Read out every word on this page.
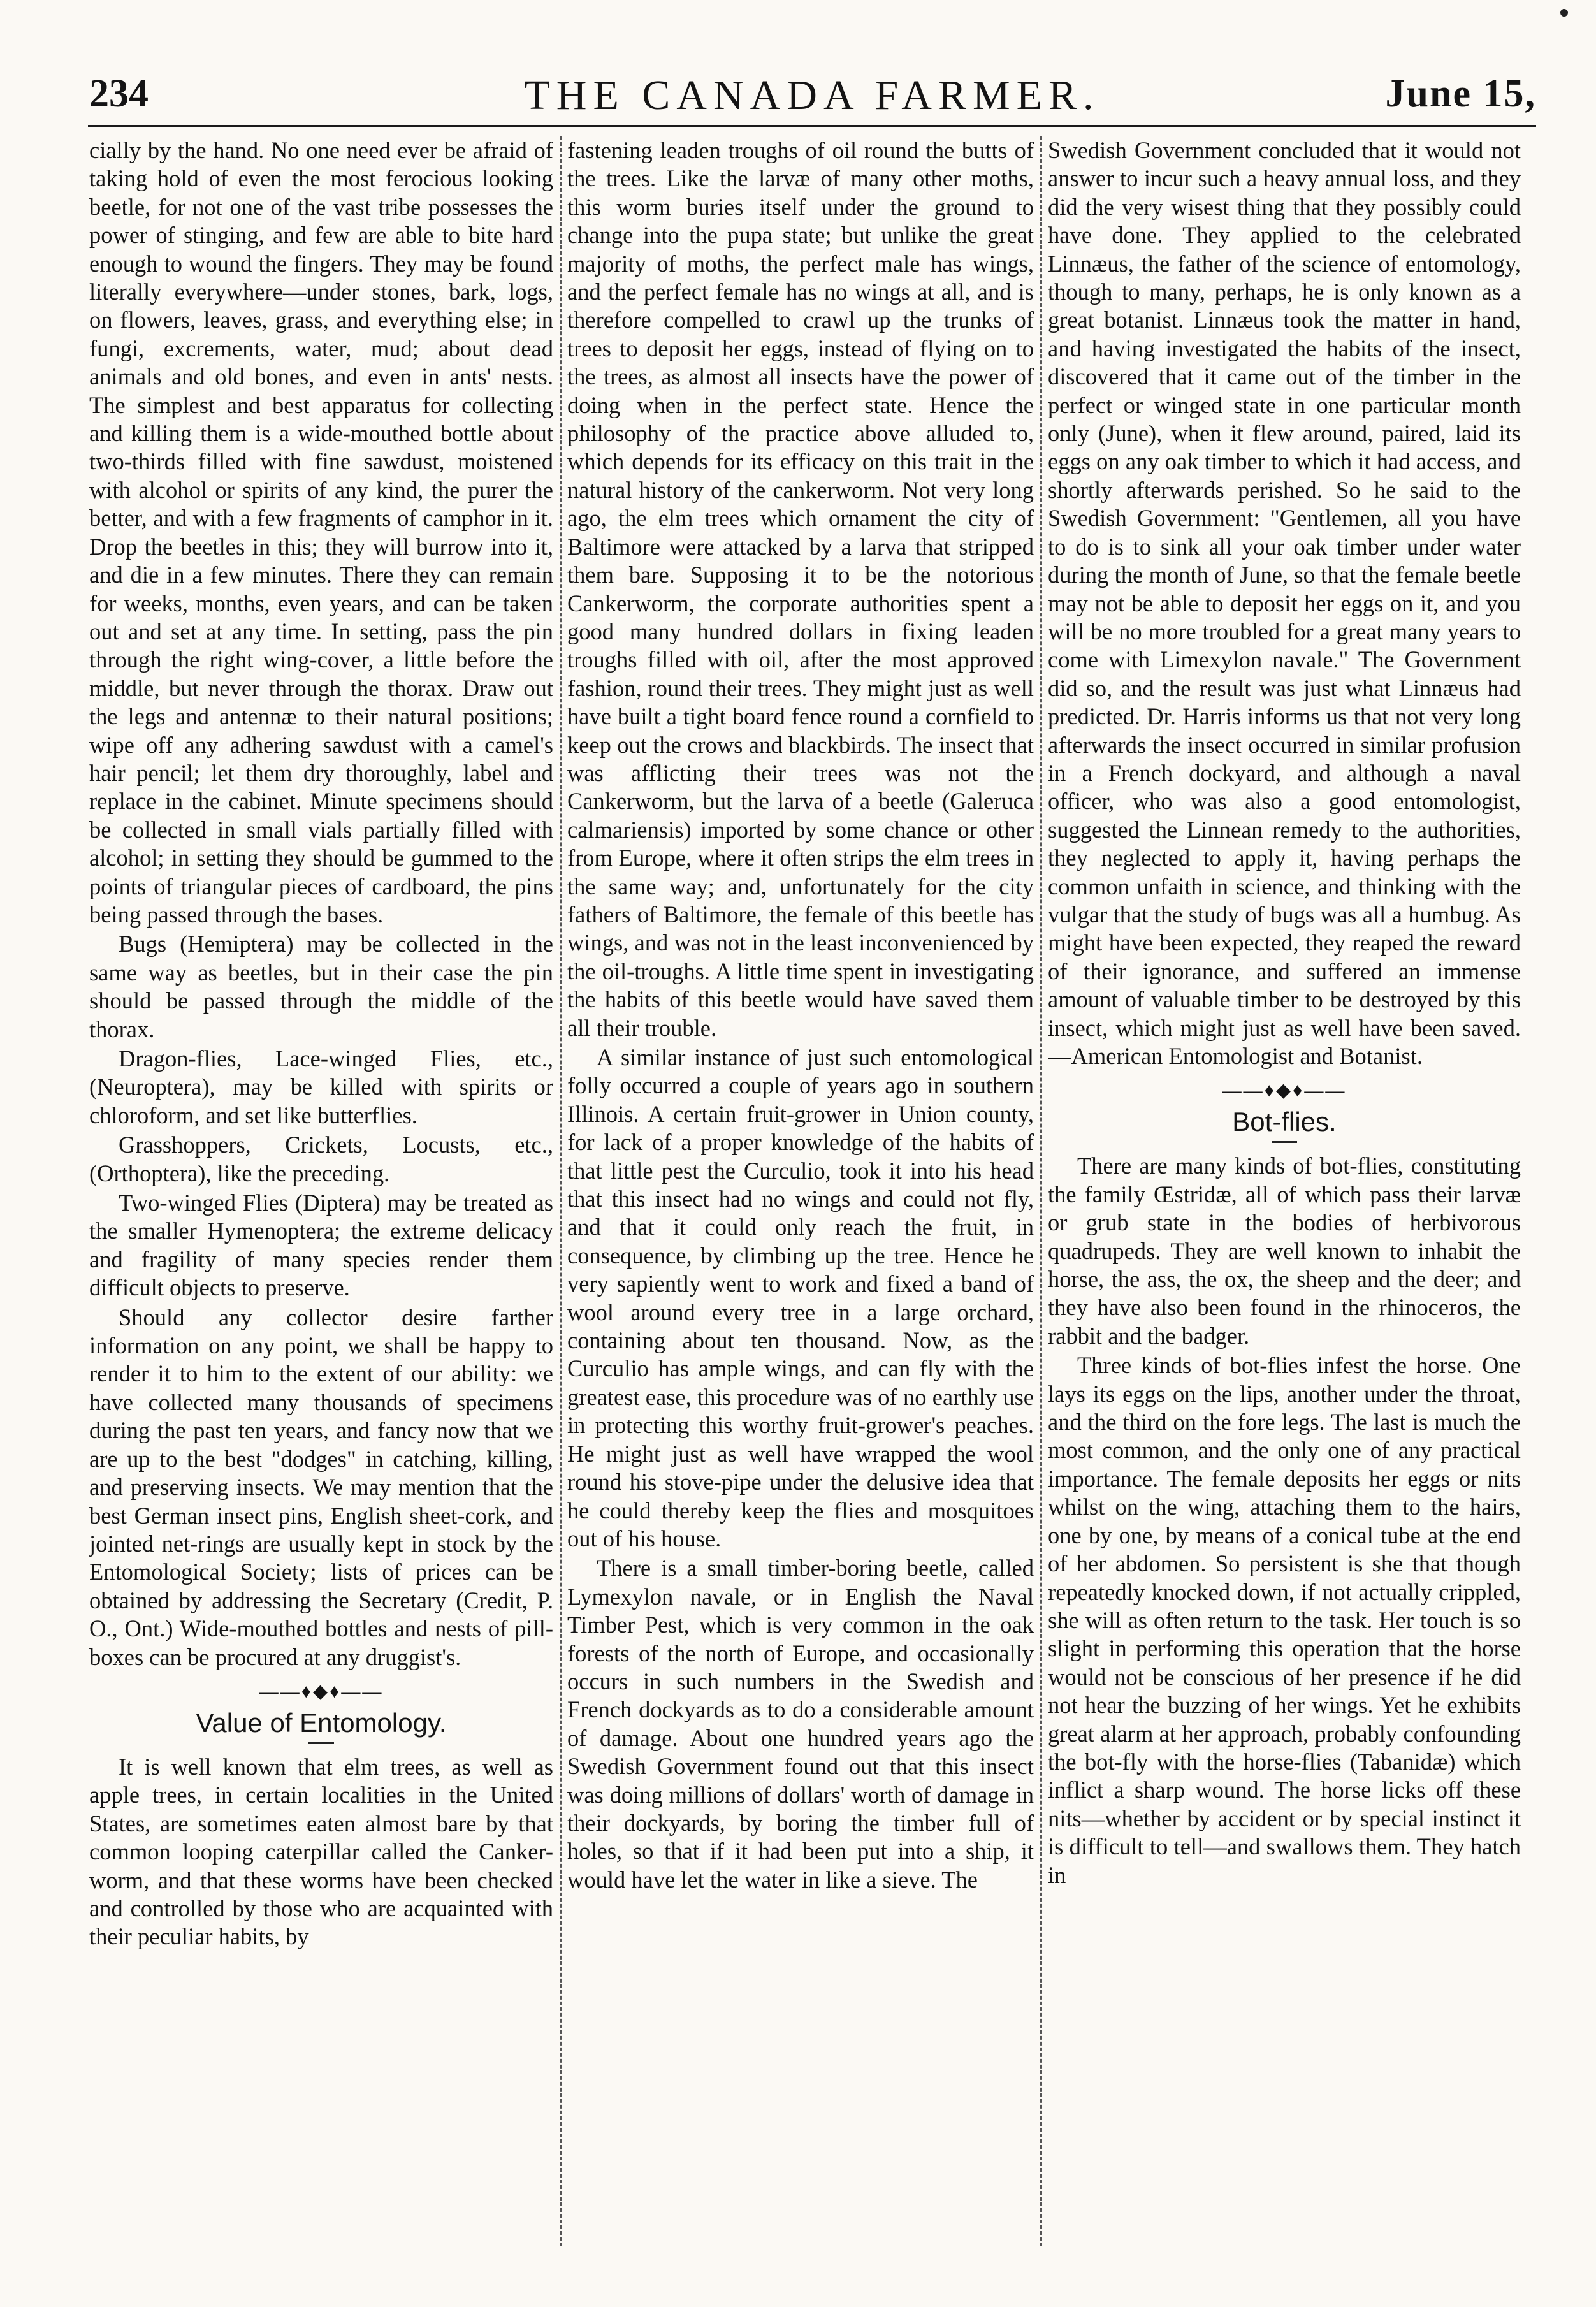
234	THE CANADA FARMER.	June 15,

cially by the hand. No one need ever be afraid of taking hold of even the most ferocious looking beetle, for not one of the vast tribe possesses the power of stinging, and few are able to bite hard enough to wound the fingers. They may be found literally everywhere—under stones, bark, logs, on flowers, leaves, grass, and everything else; in fungi, excrements, water, mud; about dead animals and old bones, and even in ants' nests. The simplest and best apparatus for collecting and killing them is a wide-mouthed bottle about two-thirds filled with fine sawdust, moistened with alcohol or spirits of any kind, the purer the better, and with a few fragments of camphor in it. Drop the beetles in this; they will burrow into it, and die in a few minutes. There they can remain for weeks, months, even years, and can be taken out and set at any time. In setting, pass the pin through the right wing-cover, a little before the middle, but never through the thorax. Draw out the legs and antennæ to their natural positions; wipe off any adhering sawdust with a camel's hair pencil; let them dry thoroughly, label and replace in the cabinet. Minute specimens should be collected in small vials partially filled with alcohol; in setting they should be gummed to the points of triangular pieces of cardboard, the pins being passed through the bases.

Bugs (Hemiptera) may be collected in the same way as beetles, but in their case the pin should be passed through the middle of the thorax.

Dragon-flies, Lace-winged Flies, etc., (Neuroptera), may be killed with spirits or chloroform, and set like butterflies.

Grasshoppers, Crickets, Locusts, etc., (Orthoptera), like the preceding.

Two-winged Flies (Diptera) may be treated as the smaller Hymenoptera; the extreme delicacy and fragility of many species render them difficult objects to preserve.

Should any collector desire farther information on any point, we shall be happy to render it to him to the extent of our ability: we have collected many thousands of specimens during the past ten years, and fancy now that we are up to the best "dodges" in catching, killing, and preserving insects. We may mention that the best German insect pins, English sheet-cork, and jointed net-rings are usually kept in stock by the Entomological Society; lists of prices can be obtained by addressing the Secretary (Credit, P. O., Ont.) Wide-mouthed bottles and nests of pill-boxes can be procured at any druggist's.

——♦◆♦——
Value of Entomology.

It is well known that elm trees, as well as apple trees, in certain localities in the United States, are sometimes eaten almost bare by that common looping caterpillar called the Canker-worm, and that these worms have been checked and controlled by those who are acquainted with their peculiar habits, by

fastening leaden troughs of oil round the butts of the trees. Like the larvæ of many other moths, this worm buries itself under the ground to change into the pupa state; but unlike the great majority of moths, the perfect male has wings, and the perfect female has no wings at all, and is therefore compelled to crawl up the trunks of trees to deposit her eggs, instead of flying on to the trees, as almost all insects have the power of doing when in the perfect state. Hence the philosophy of the practice above alluded to, which depends for its efficacy on this trait in the natural history of the cankerworm. Not very long ago, the elm trees which ornament the city of Baltimore were attacked by a larva that stripped them bare. Supposing it to be the notorious Cankerworm, the corporate authorities spent a good many hundred dollars in fixing leaden troughs filled with oil, after the most approved fashion, round their trees. They might just as well have built a tight board fence round a cornfield to keep out the crows and blackbirds. The insect that was afflicting their trees was not the Cankerworm, but the larva of a beetle (Galeruca calmariensis) imported by some chance or other from Europe, where it often strips the elm trees in the same way; and, unfortunately for the city fathers of Baltimore, the female of this beetle has wings, and was not in the least inconvenienced by the oil-troughs. A little time spent in investigating the habits of this beetle would have saved them all their trouble.

A similar instance of just such entomological folly occurred a couple of years ago in southern Illinois. A certain fruit-grower in Union county, for lack of a proper knowledge of the habits of that little pest the Curculio, took it into his head that this insect had no wings and could not fly, and that it could only reach the fruit, in consequence, by climbing up the tree. Hence he very sapiently went to work and fixed a band of wool around every tree in a large orchard, containing about ten thousand. Now, as the Curculio has ample wings, and can fly with the greatest ease, this procedure was of no earthly use in protecting this worthy fruit-grower's peaches. He might just as well have wrapped the wool round his stove-pipe under the delusive idea that he could thereby keep the flies and mosquitoes out of his house.

There is a small timber-boring beetle, called Lymexylon navale, or in English the Naval Timber Pest, which is very common in the oak forests of the north of Europe, and occasionally occurs in such numbers in the Swedish and French dockyards as to do a considerable amount of damage. About one hundred years ago the Swedish Government found out that this insect was doing millions of dollars' worth of damage in their dockyards, by boring the timber full of holes, so that if it had been put into a ship, it would have let the water in like a sieve. The

Swedish Government concluded that it would not answer to incur such a heavy annual loss, and they did the very wisest thing that they possibly could have done. They applied to the celebrated Linnæus, the father of the science of entomology, though to many, perhaps, he is only known as a great botanist. Linnæus took the matter in hand, and having investigated the habits of the insect, discovered that it came out of the timber in the perfect or winged state in one particular month only (June), when it flew around, paired, laid its eggs on any oak timber to which it had access, and shortly afterwards perished. So he said to the Swedish Government: "Gentlemen, all you have to do is to sink all your oak timber under water during the month of June, so that the female beetle may not be able to deposit her eggs on it, and you will be no more troubled for a great many years to come with Limexylon navale." The Government did so, and the result was just what Linnæus had predicted. Dr. Harris informs us that not very long afterwards the insect occurred in similar profusion in a French dockyard, and although a naval officer, who was also a good entomologist, suggested the Linnean remedy to the authorities, they neglected to apply it, having perhaps the common unfaith in science, and thinking with the vulgar that the study of bugs was all a humbug. As might have been expected, they reaped the reward of their ignorance, and suffered an immense amount of valuable timber to be destroyed by this insect, which might just as well have been saved.—American Entomologist and Botanist.

——♦◆♦——
Bot-flies.

There are many kinds of bot-flies, constituting the family Œstridæ, all of which pass their larvæ or grub state in the bodies of herbivorous quadrupeds. They are well known to inhabit the horse, the ass, the ox, the sheep and the deer; and they have also been found in the rhinoceros, the rabbit and the badger.

Three kinds of bot-flies infest the horse. One lays its eggs on the lips, another under the throat, and the third on the fore legs. The last is much the most common, and the only one of any practical importance. The female deposits her eggs or nits whilst on the wing, attaching them to the hairs, one by one, by means of a conical tube at the end of her abdomen. So persistent is she that though repeatedly knocked down, if not actually crippled, she will as often return to the task. Her touch is so slight in performing this operation that the horse would not be conscious of her presence if he did not hear the buzzing of her wings. Yet he exhibits great alarm at her approach, probably confounding the bot-fly with the horse-flies (Tabanidæ) which inflict a sharp wound. The horse licks off these nits—whether by accident or by special instinct it is difficult to tell—and swallows them. They hatch in
